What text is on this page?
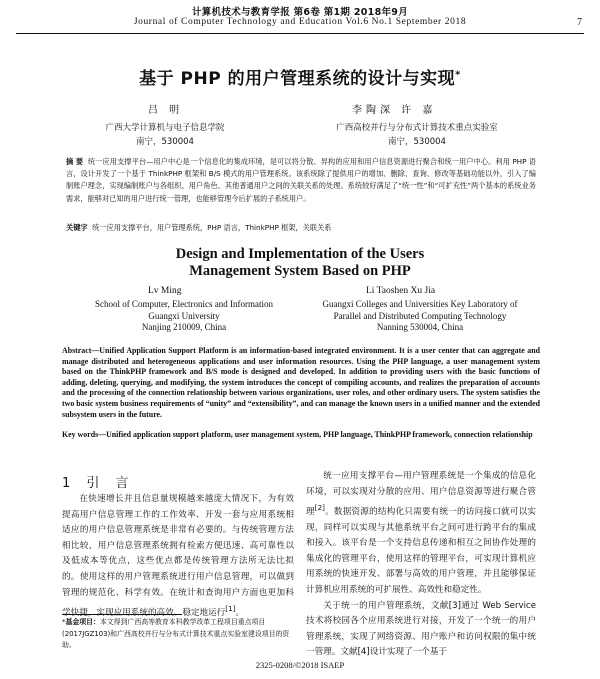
计算机技术与教育学报 第6卷 第1期 2018年9月
Journal of Computer Technology and Education Vol.6 No.1 September 2018	7
基于 PHP 的用户管理系统的设计与实现*
吕 明	李陶深 许 嘉
广西大学计算机与电子信息学院
南宁，530004
广西高校并行与分布式计算技术重点实验室
南宁，530004
摘 要 统一应用支撑平台—用户中心是一个信息化的集成环境，是可以将分散、异构的应用和用户信息资源进行聚合和统一用户中心。利用 PHP 语言，设计开发了一个基于 ThinkPHP 框架和 B/S 模式的用户管理系统。该系统除了提供用户的增加、删除、查询、修改等基础功能以外，引入了编制账户理念，实现编制账户与各组织、用户角色、其他普通用户之间的关联关系的处理。系统较好满足了“统一性”和“可扩充性”两个基本的系统业务需求，能够对已知的用户进行统一管理，也能够管理今后扩展的子系统用户。
关键字 统一应用支撑平台，用户管理系统，PHP 语言，ThinkPHP 框架，关联关系
Design and Implementation of the Users
Management System Based on PHP
Lv Ming	Li Taoshen Xu Jia
School of Computer, Electronics and Information
Guangxi University
Nanjing 210009, China
Guangxi Colleges and Universities Key Laboratory of
Parallel and Distributed Computing Technology
Nanning 530004, China
Abstract—Unified Application Support Platform is an information-based integrated environment. It is a user center that can aggregate and manage distributed and heterogeneous applications and user information resources. Using the PHP language, a user management system based on the ThinkPHP framework and B/S mode is designed and developed. In addition to providing users with the basic functions of adding, deleting, querying, and modifying, the system introduces the concept of compiling accounts, and realizes the preparation of accounts and the processing of the connection relationship between various organizations, user roles, and other ordinary users. The system satisfies the two basic system business requirements of “unity” and “extensibility”, and can manage the known users in a unified manner and the extended subsystem users in the future.
Key words—Unified application support platform, user management system, PHP language, ThinkPHP framework, connection relationship
1 引 言

在快速增长并且信息量规模越来越庞大情况下，为有效提高用户信息管理工作的工作效率、开发一套与应用系统相适应的用户信息管理系统是非常有必要的。与传统管理方法相比较，用户信息管理系统拥有检索方便迅速、高可靠性以及低成本等优点，这些优点都是传统管理方法所无法比拟的。使用这样的用户管理系统进行用户信息管理，可以做到管理的规范化、科学有效。在统计和查询用户方面也更加科学快捷，实现应用系统的高效、稳定地运行[1]。

*基金项目：本文得到广西高等教育本科教学改革工程项目重点项目(2017JGZ103)和广西高校并行与分布式计算技术重点实验室建设项目的资助。

统一应用支撑平台—用户管理系统是一个集成的信息化环境，可以实现对分散的应用、用户信息资源等进行聚合管理[2]。数据资源的结构化只需要有统一的访问接口就可以实现，同样可以实现与其他系统平台之间可进行跨平台的集成和接入。该平台是一个支持信息传递和相互之间协作处理的集成化的管理平台，使用这样的管理平台，可实现计算机应用系统的快速开发、部署与高效的用户管理，并且能够保证计算机应用系统的可扩展性、高效性和稳定性。

关于统一的用户管理系统，文献[3]通过 Web Service 技术将校园各个应用系统进行对接，开发了一个统一的用户管理系统，实现了网络资源、用户账户和访问权限的集中统一管理。文献[4]设计实现了一个基于

2325-0208/©2018 ISAEP
